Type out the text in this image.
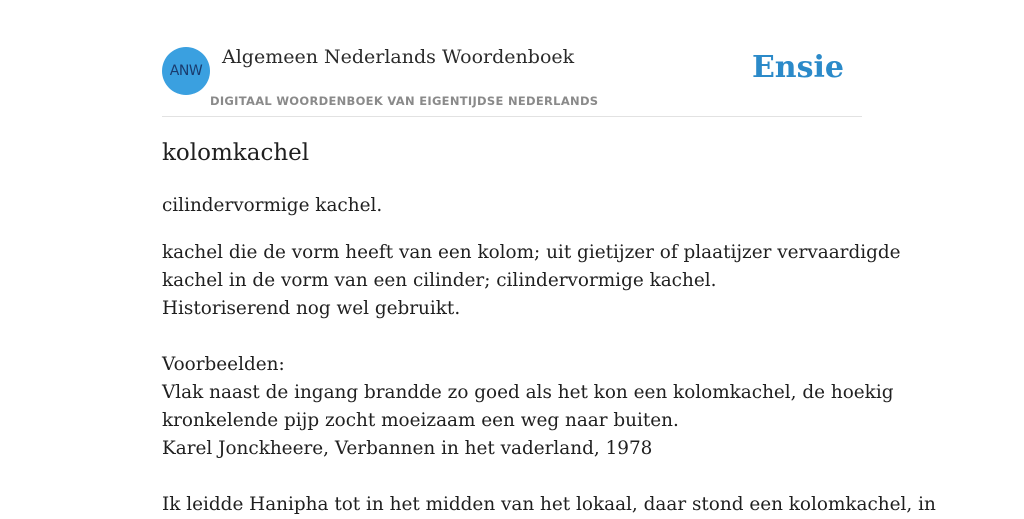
ANW
Algemeen Nederlands Woordenboek
DIGITAAL WOORDENBOEK VAN EIGENTIJDSE NEDERLANDS
Ensie
kolomkachel
cilindervormige kachel.
kachel die de vorm heeft van een kolom; uit gietijzer of plaatijzer vervaardigde
kachel in de vorm van een cilinder; cilindervormige kachel.
Historiserend nog wel gebruikt.

Voorbeelden:
Vlak naast de ingang brandde zo goed als het kon een kolomkachel, de hoekig
kronkelende pijp zocht moeizaam een weg naar buiten.
Karel Jonckheere, Verbannen in het vaderland, 1978

Ik leidde Hanipha tot in het midden van het lokaal, daar stond een kolomkachel, in
